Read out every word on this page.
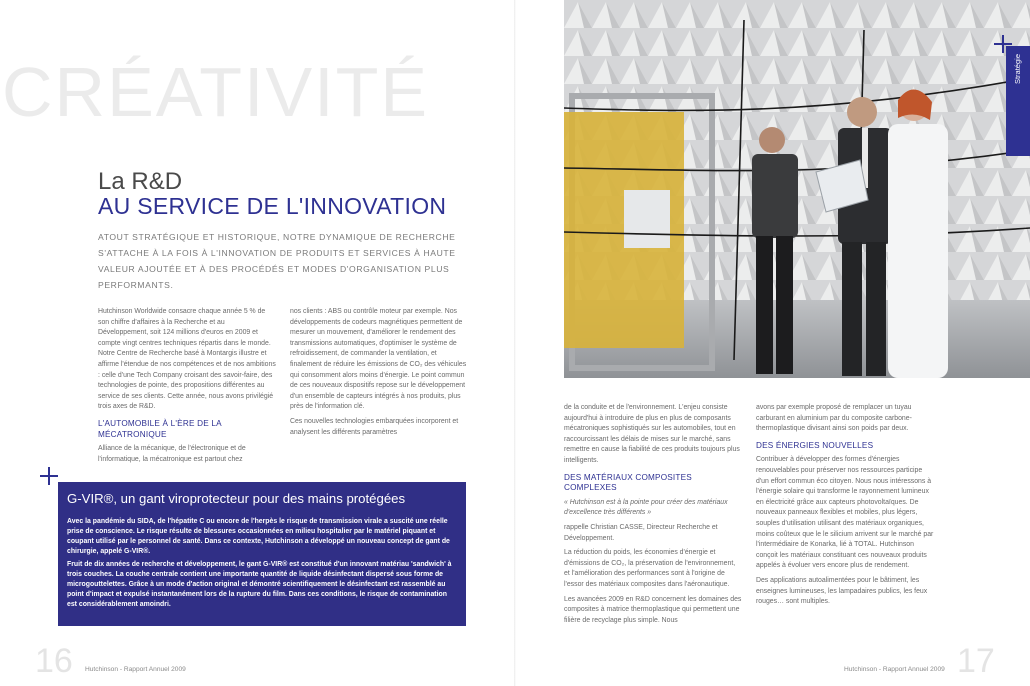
CRÉATIVITÉ
La R&D
AU SERVICE DE L'INNOVATION
ATOUT STRATÉGIQUE ET HISTORIQUE, NOTRE DYNAMIQUE DE RECHERCHE S'ATTACHE À LA FOIS À L'INNOVATION DE PRODUITS ET SERVICES À HAUTE VALEUR AJOUTÉE ET À DES PROCÉDÉS ET MODES D'ORGANISATION PLUS PERFORMANTS.

Hutchinson Worldwide consacre chaque année 5 % de son chiffre d'affaires à la Recherche et au Développement, soit 124 millions d'euros en 2009 et compte vingt centres techniques répartis dans le monde. Notre Centre de Recherche basé à Montargis illustre et affirme l'étendue de nos compétences et de nos ambitions : celle d'une Tech Company croisant des savoir-faire, des technologies de pointe, des propositions différentes au service de ses clients. Cette année, nous avons privilégié trois axes de R&D.

L'AUTOMOBILE À L'ÈRE DE LA MÉCATRONIQUE

Alliance de la mécanique, de l'électronique et de l'informatique, la mécatronique est partout chez

nos clients : ABS ou contrôle moteur par exemple. Nos développements de codeurs magnétiques permettent de mesurer un mouvement, d'améliorer le rendement des transmissions automatiques, d'optimiser le système de refroidissement, de commander la ventilation, et finalement de réduire les émissions de CO₂ des véhicules qui consomment alors moins d'énergie. Le point commun de ces nouveaux dispositifs repose sur le développement d'un ensemble de capteurs intégrés à nos produits, plus près de l'information clé.

Ces nouvelles technologies embarquées incorporent et analysent les différents paramètres

G-VIR®, un gant viroprotecteur pour des mains protégées

Avec la pandémie du SIDA, de l'hépatite C ou encore de l'herpès le risque de transmission virale a suscité une réelle prise de conscience. Le risque résulte de blessures occasionnées en milieu hospitalier par le matériel piquant et coupant utilisé par le personnel de santé. Dans ce contexte, Hutchinson a développé un nouveau concept de gant de chirurgie, appelé G-VIR®.

Fruit de dix années de recherche et développement, le gant G-VIR® est constitué d'un innovant matériau 'sandwich' à trois couches. La couche centrale contient une importante quantité de liquide désinfectant dispersé sous forme de microgouttelettes. Grâce à un mode d'action original et démontré scientifiquement le désinfectant est rassemblé au point d'impact et expulsé instantanément lors de la rupture du film. Dans ces conditions, le risque de contamination est considérablement amoindri.

16 Hutchinson - Rapport Annuel 2009
Stratégie

de la conduite et de l'environnement. L'enjeu consiste aujourd'hui à introduire de plus en plus de composants mécatroniques sophistiqués sur les automobiles, tout en raccourcissant les délais de mises sur le marché, sans remettre en cause la fiabilité de ces produits toujours plus intelligents.

DES MATÉRIAUX COMPOSITES COMPLEXES

« Hutchinson est à la pointe pour créer des matériaux d'excellence très différents »

rappelle Christian CASSE, Directeur Recherche et Développement.

La réduction du poids, les économies d'énergie et d'émissions de CO₂, la préservation de l'environnement, et l'amélioration des performances sont à l'origine de l'essor des matériaux composites dans l'aéronautique.

Les avancées 2009 en R&D concernent les domaines des composites à matrice thermoplastique qui permettent une filière de recyclage plus simple. Nous

avons par exemple proposé de remplacer un tuyau carburant en aluminium par du composite carbone-thermoplastique divisant ainsi son poids par deux.

DES ÉNERGIES NOUVELLES

Contribuer à développer des formes d'énergies renouvelables pour préserver nos ressources participe d'un effort commun éco citoyen. Nous nous intéressons à l'énergie solaire qui transforme le rayonnement lumineux en électricité grâce aux capteurs photovoltaïques. De nouveaux panneaux flexibles et mobiles, plus légers, souples d'utilisation utilisant des matériaux organiques, moins coûteux que le le silicium arrivent sur le marché par l'intermédiaire de Konarka, lié à TOTAL. Hutchinson conçoit les matériaux constituant ces nouveaux produits appelés à évoluer vers encore plus de rendement.

Des applications autoalimentées pour le bâtiment, les enseignes lumineuses, les lampadaires publics, les feux rouges… sont multiples.

17
Hutchinson - Rapport Annuel 2009
